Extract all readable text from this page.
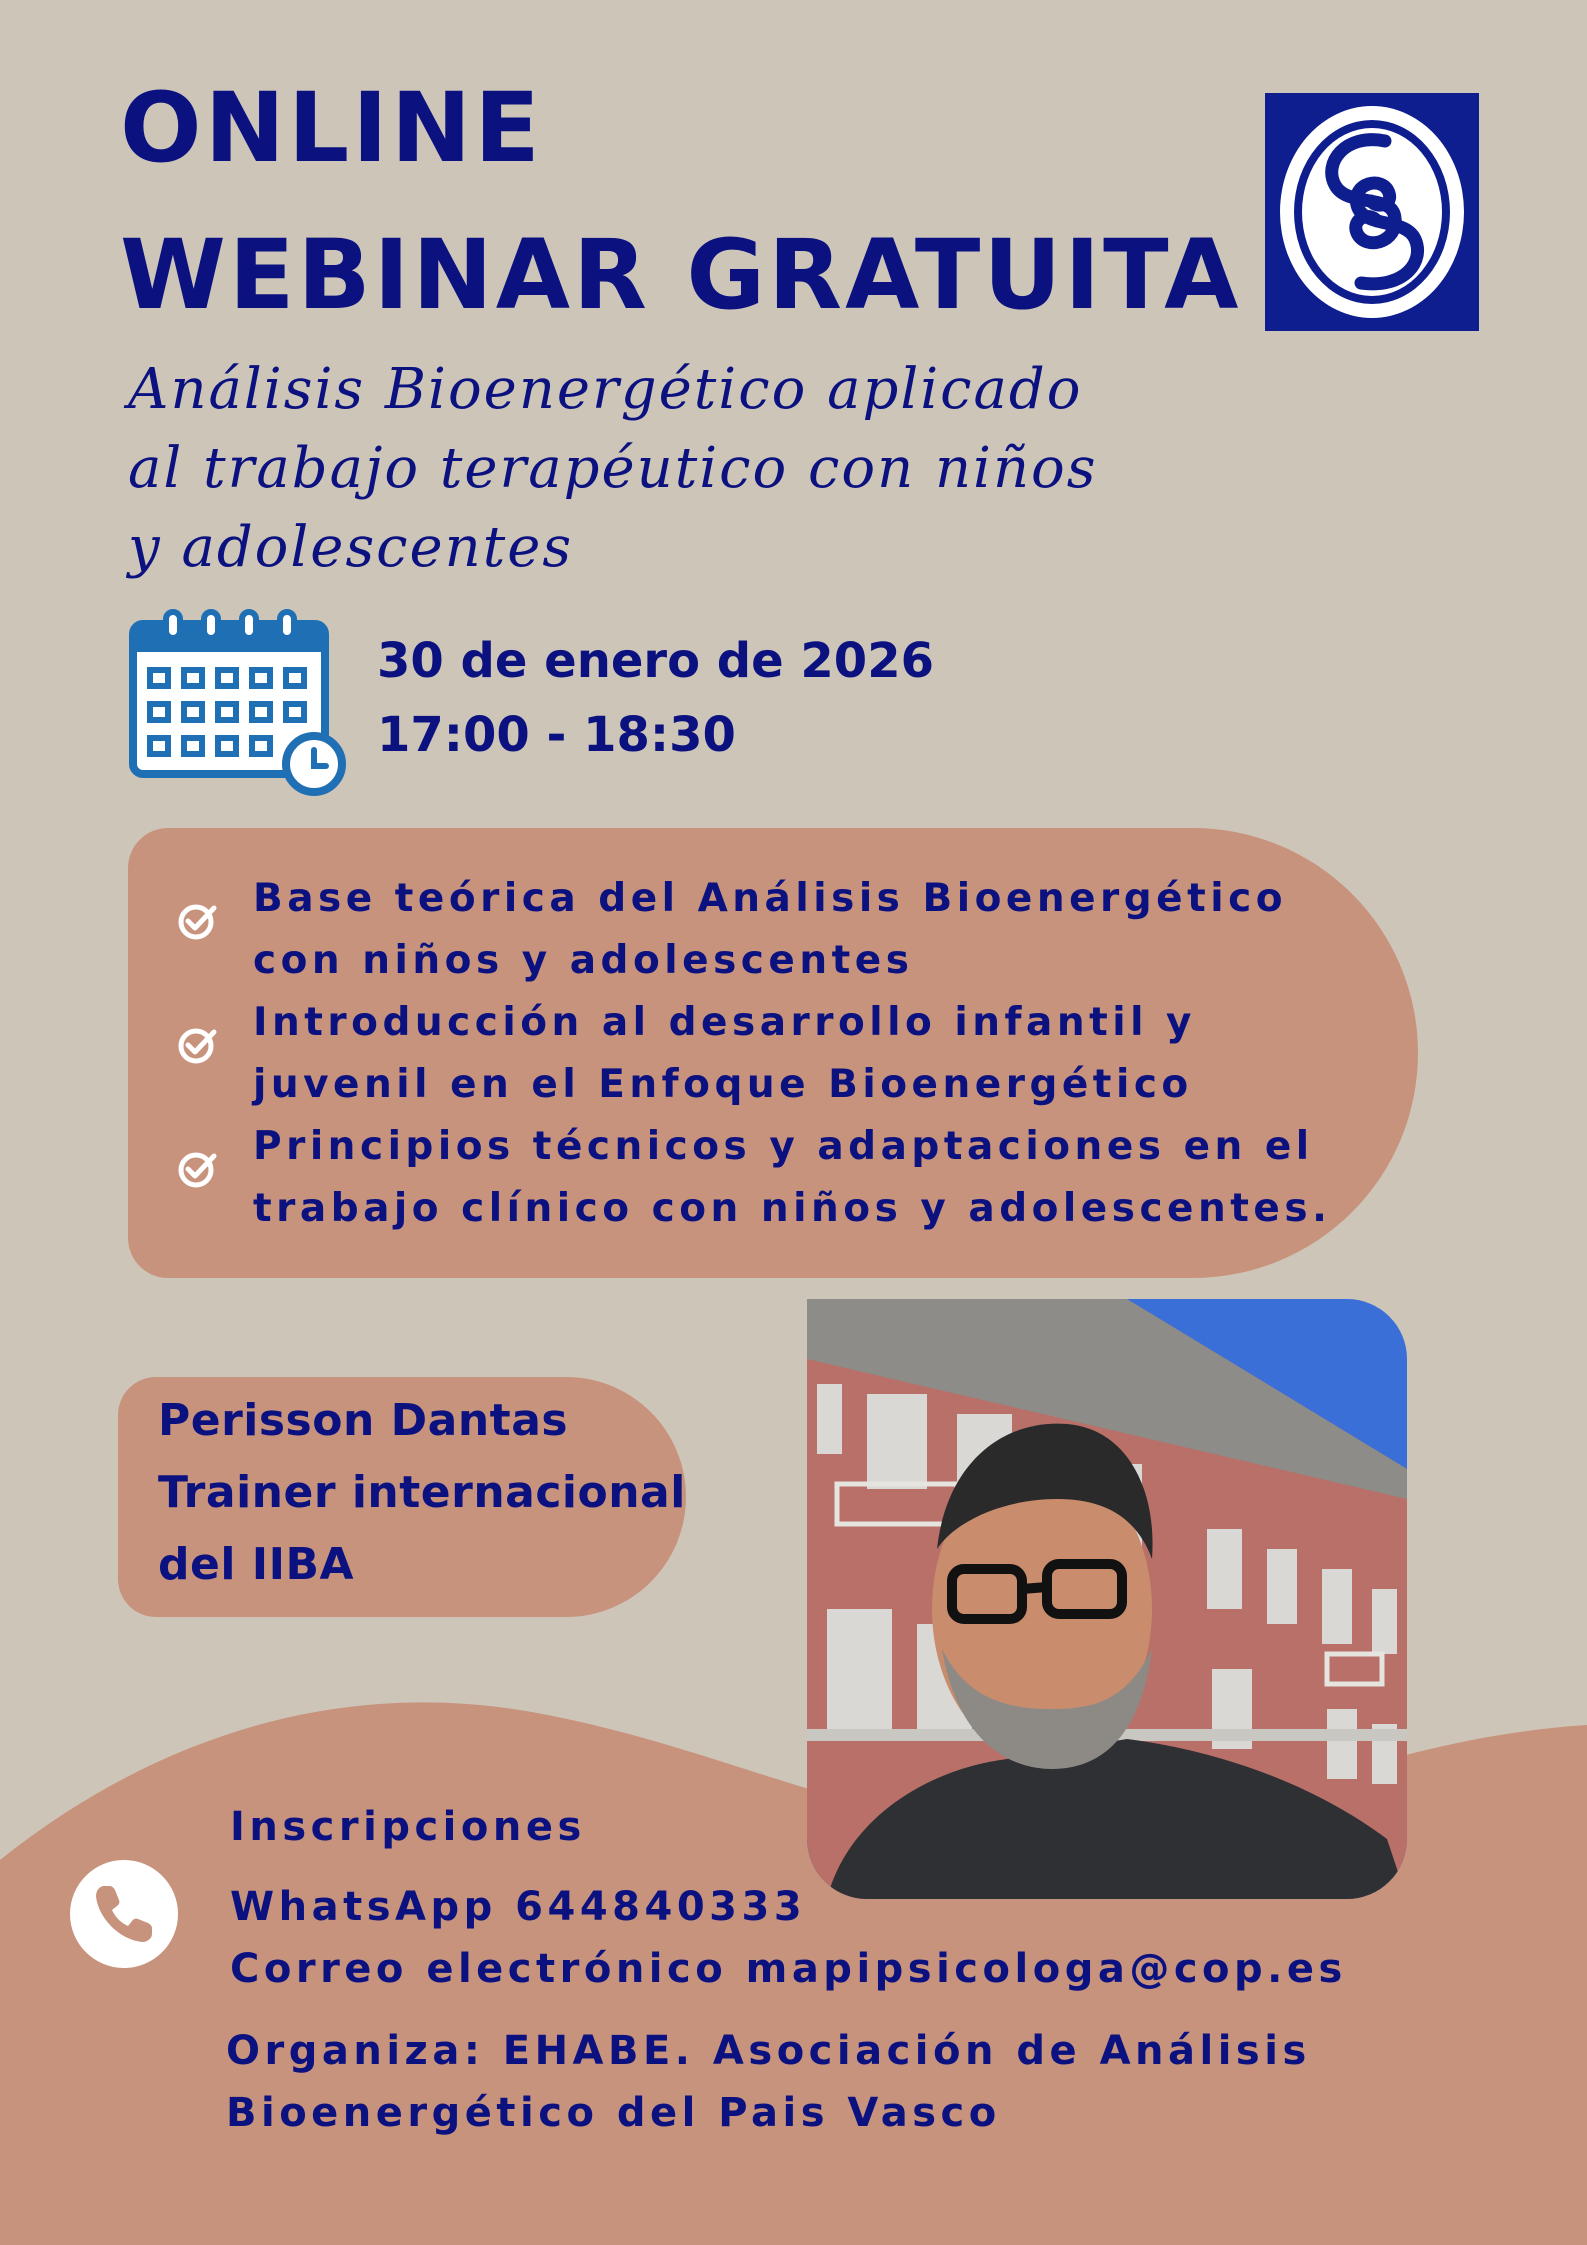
ONLINE
WEBINAR GRATUITA
Análisis Bioenergético aplicado
al trabajo terapéutico con niños
y adolescentes
30 de enero de 2026
17:00 - 18:30
Base teórica del Análisis Bioenergético
con niños y adolescentes
Introducción al desarrollo infantil y
juvenil en el Enfoque Bioenergético
Principios técnicos y adaptaciones en el
trabajo clínico con niños y adolescentes.
Perisson Dantas
Trainer internacional
del IIBA
Inscripciones
WhatsApp 644840333
Correo electrónico mapipsicologa@cop.es
Organiza: EHABE. Asociación de Análisis
Bioenergético del Pais Vasco
